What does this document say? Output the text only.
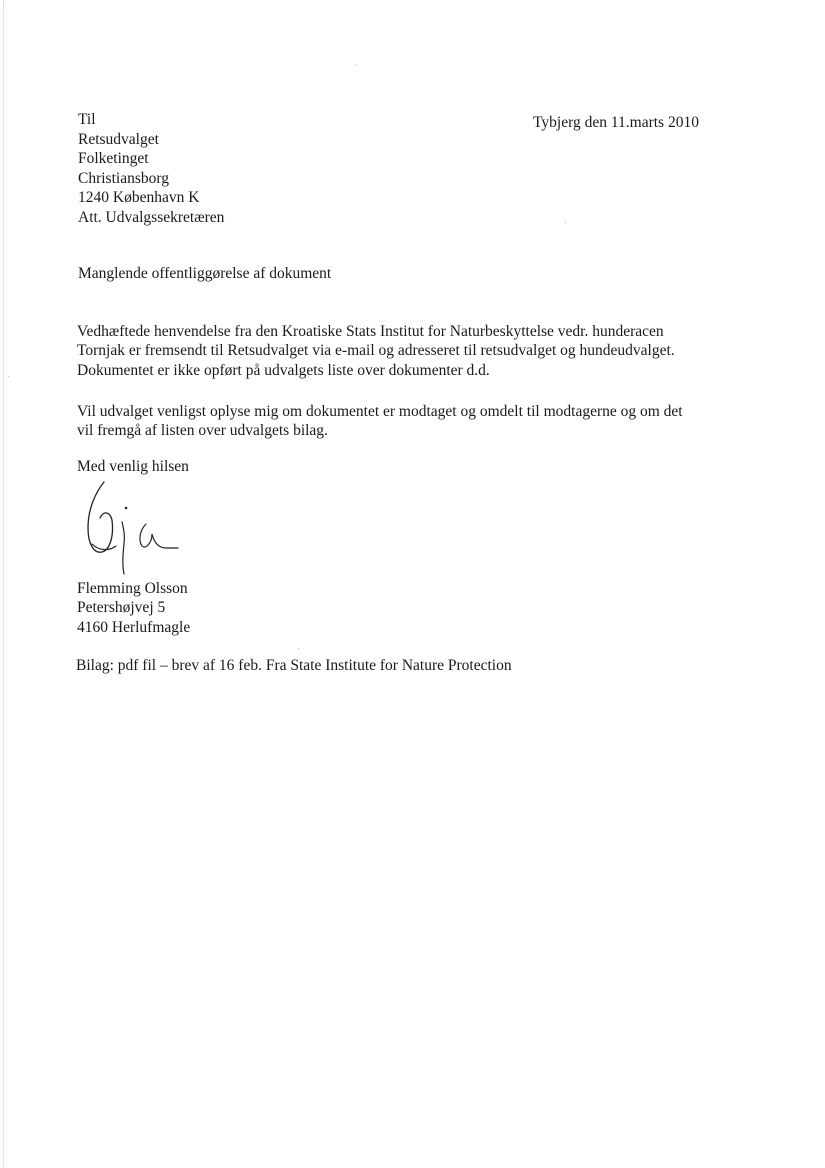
Tybjerg den 11.marts 2010
Til
Retsudvalget
Folketinget
Christiansborg
1240 København K
Att. Udvalgssekretæren
Manglende offentliggørelse af dokument
Vedhæftede henvendelse fra den Kroatiske Stats Institut for Naturbeskyttelse vedr. hunderacen
Tornjak er fremsendt til Retsudvalget via e-mail og adresseret til retsudvalget og hundeudvalget.
Dokumentet er ikke opført på udvalgets liste over dokumenter d.d.
Vil udvalget venligst oplyse mig om dokumentet er modtaget og omdelt til modtagerne og om det
vil fremgå af listen over udvalgets bilag.
Med venlig hilsen
Flemming Olsson
Petershøjvej 5
4160 Herlufmagle
Bilag: pdf fil – brev af 16 feb. Fra State Institute for Nature Protection
